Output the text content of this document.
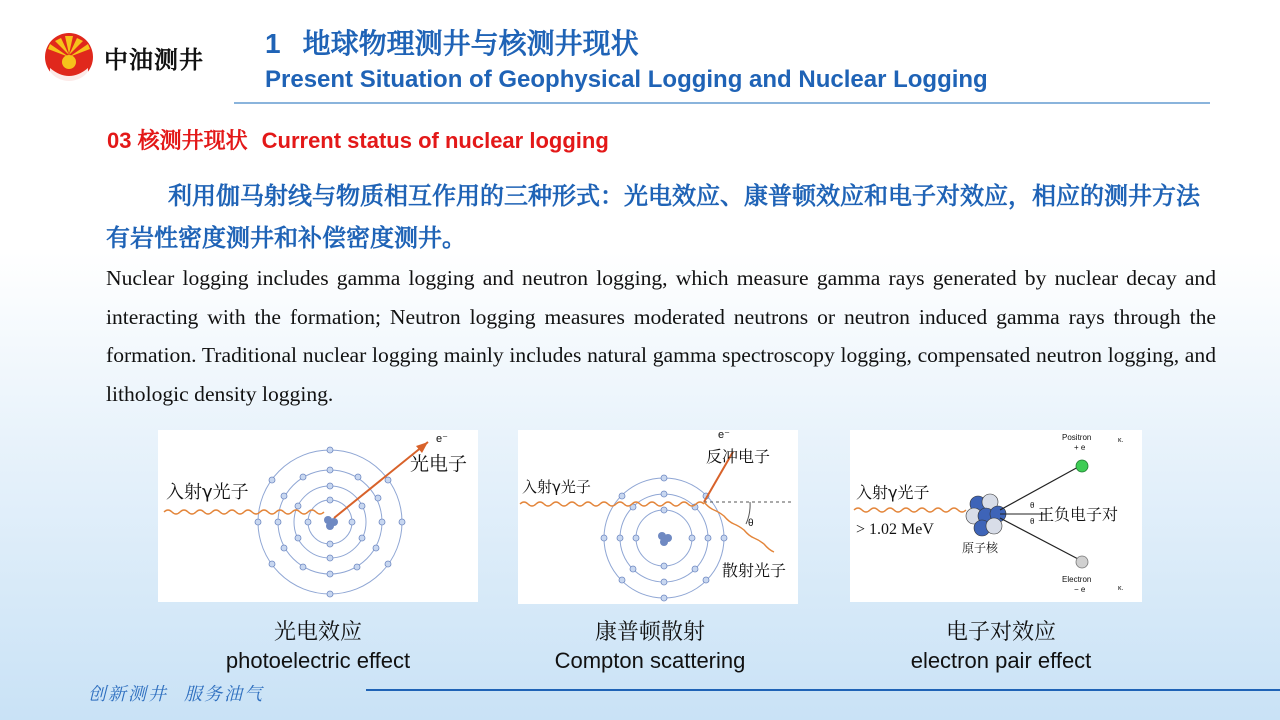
中油测井
1 地球物理测井与核测井现状
Present Situation of Geophysical Logging and Nuclear Logging
03 核测井现状 Current status of nuclear logging
利用伽马射线与物质相互作用的三种形式：光电效应、康普顿效应和电子对效应，相应的测井方法有岩性密度测井和补偿密度测井。
Nuclear logging includes gamma logging and neutron logging, which measure gamma rays generated by nuclear decay and interacting with the formation; Neutron logging measures moderated neutrons or neutron induced gamma rays through the formation. Traditional nuclear logging mainly includes natural gamma spectroscopy logging, compensated neutron logging, and lithologic density logging.
e⁻
入射γ光子
光电子
θ
e⁻
入射γ光子
反冲电子
散射光子
Positron
+ e
Electron
− e
κ.
κ.
θ
θ
入射γ光子
> 1.02 MeV
原子核
正负电子对
光电效应
photoelectric effect
康普顿散射
Compton scattering
电子对效应
electron pair effect
创新测井 服务油气
